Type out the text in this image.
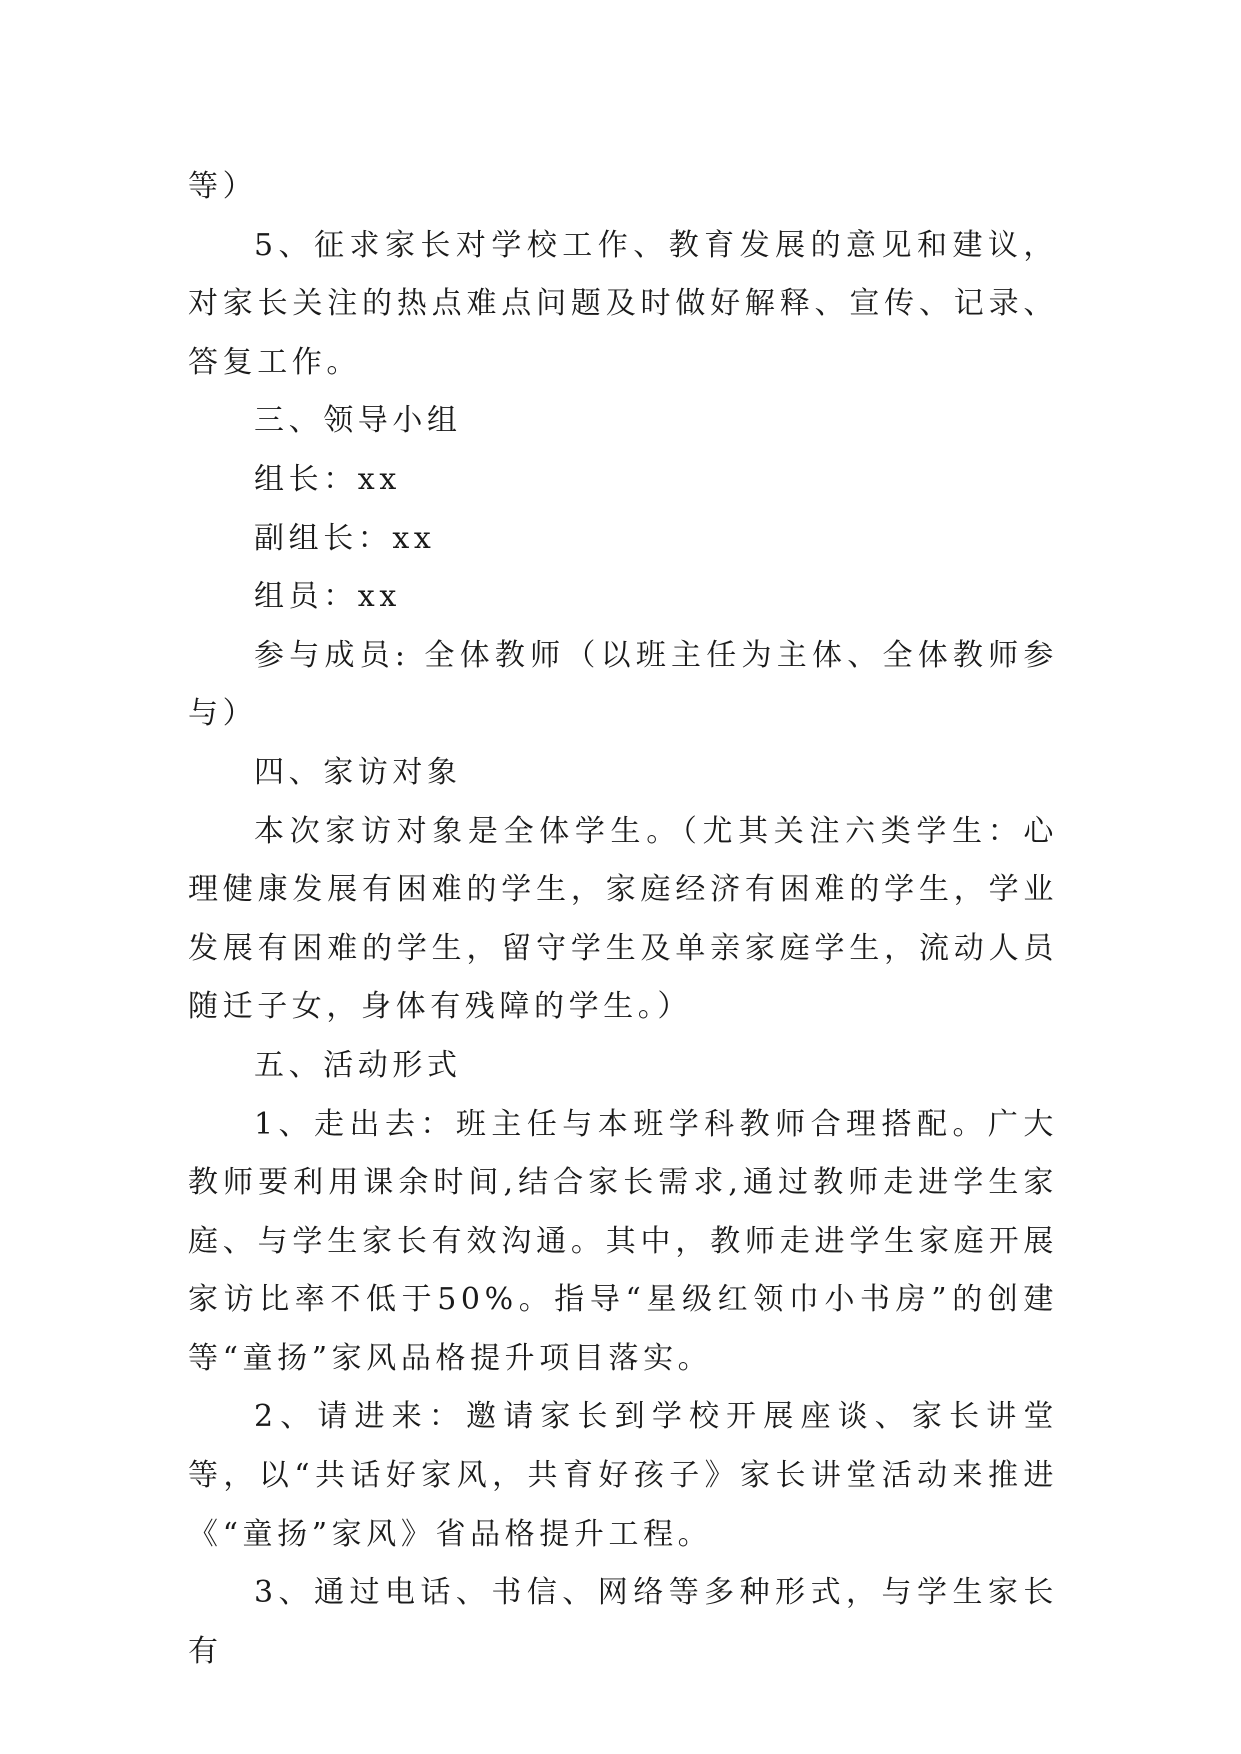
等）

5、征求家长对学校工作、教育发展的意见和建议，对家长关注的热点难点问题及时做好解释、宣传、记录、答复工作。

三、领导小组

组长：xx

副组长：xx

组员：xx

参与成员: 全体教师（以班主任为主体、全体教师参与）

四、家访对象

本次家访对象是全体学生。（尤其关注六类学生：心理健康发展有困难的学生，家庭经济有困难的学生，学业发展有困难的学生，留守学生及单亲家庭学生，流动人员随迁子女，身体有残障的学生。）

五、活动形式

1、走出去：班主任与本班学科教师合理搭配。广大教师要利用课余时间,结合家长需求,通过教师走进学生家庭、与学生家长有效沟通。其中，教师走进学生家庭开展家访比率不低于50%。指导“星级红领巾小书房”的创建等“童扬”家风品格提升项目落实。

2、请进来：邀请家长到学校开展座谈、家长讲堂等，以“共话好家风，共育好孩子》家长讲堂活动来推进《“童扬”家风》省品格提升工程。

3、通过电话、书信、网络等多种形式，与学生家长有
